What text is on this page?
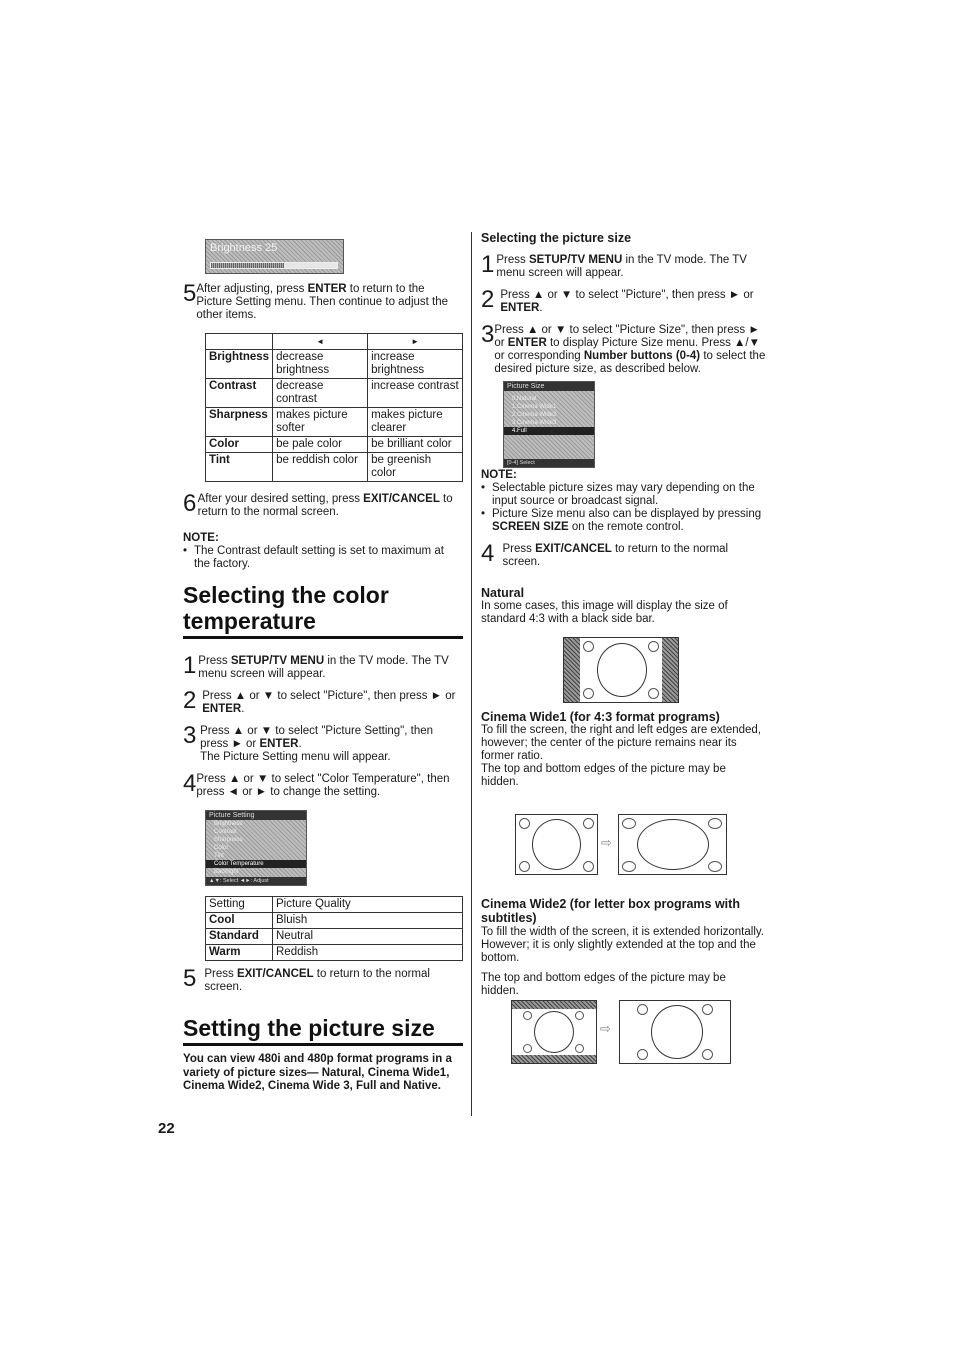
Brightness 25
5 After adjusting, press ENTER to return to the Picture Setting menu. Then continue to adjust the other items.
	◄	►
Brightness	decrease brightness	increase brightness
Contrast	decrease contrast	increase contrast
Sharpness	makes picture softer	makes picture clearer
Color	be pale color	be brilliant color
Tint	be reddish color	be greenish color
6 After your desired setting, press EXIT/CANCEL to return to the normal screen.
NOTE:
• The Contrast default setting is set to maximum at the factory.
Selecting the color temperature
1 Press SETUP/TV MENU in the TV mode. The TV menu screen will appear.
2 Press ▲ or ▼ to select "Picture", then press ► or ENTER.
3 Press ▲ or ▼ to select "Picture Setting", then press ► or ENTER.
The Picture Setting menu will appear.
4 Press ▲ or ▼ to select "Color Temperature", then press ◄ or ► to change the setting.
Picture Setting
Brightness
Contrast
Sharpness
Color
Tint
Color Temperature
Backlight
▲▼: Select ◄►: Adjust
Setting	Picture Quality
Cool	Bluish
Standard	Neutral
Warm	Reddish
5 Press EXIT/CANCEL to return to the normal screen.
Setting the picture size
You can view 480i and 480p format programs in a variety of picture sizes— Natural, Cinema Wide1, Cinema Wide2, Cinema Wide 3, Full and Native.
22
Selecting the picture size
1 Press SETUP/TV MENU in the TV mode. The TV menu screen will appear.
2 Press ▲ or ▼ to select "Picture", then press ► or ENTER.
3 Press ▲ or ▼ to select "Picture Size", then press ► or ENTER to display Picture Size menu. Press ▲/▼ or corresponding Number buttons (0-4) to select the desired picture size, as described below.
Picture Size
0.Natural
1.Cinema Wide1
2.Cinema Wide2
3.Cinema Wide3
4.Full
[0-4] Select
NOTE:
• Selectable picture sizes may vary depending on the input source or broadcast signal.
• Picture Size menu also can be displayed by pressing SCREEN SIZE on the remote control.
4 Press EXIT/CANCEL to return to the normal screen.
Natural
In some cases, this image will display the size of standard 4:3 with a black side bar.
Cinema Wide1 (for 4:3 format programs)
To fill the screen, the right and left edges are extended,
however; the center of the picture remains near its former ratio.
The top and bottom edges of the picture may be hidden.
⇨
Cinema Wide2 (for letter box programs with subtitles)
To fill the width of the screen, it is extended horizontally. However; it is only slightly extended at the top and the bottom.
The top and bottom edges of the picture may be hidden.
⇨
